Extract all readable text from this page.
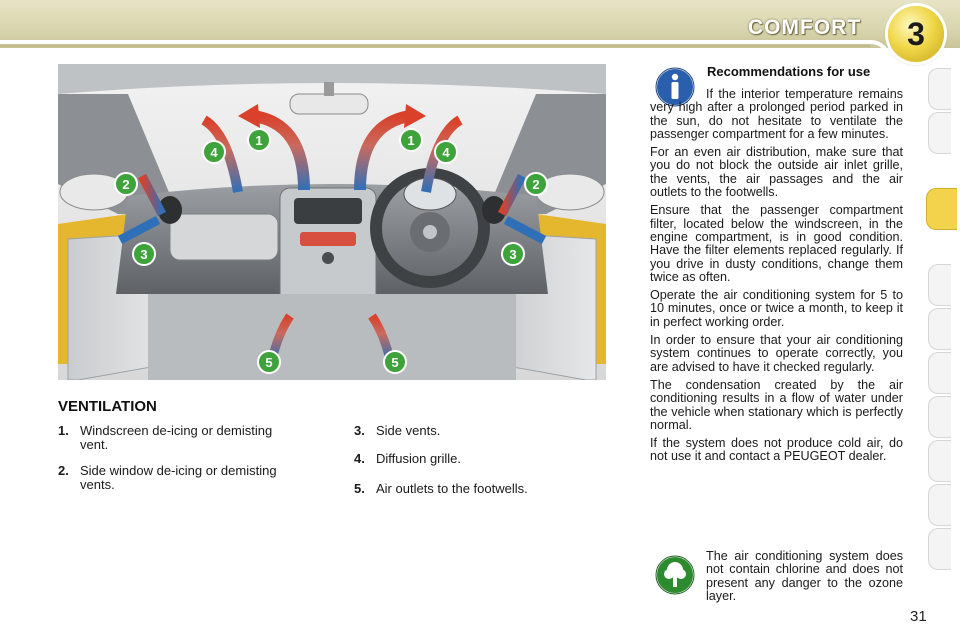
COMFORT	3
1	1
2	2
3	3
4	4
5	5
VENTILATION
1. Windscreen de-icing or demisting vent.
2. Side window de-icing or demisting vents.
3. Side vents.
4. Diffusion grille.
5. Air outlets to the footwells.
Recommendations for use

If the interior temperature remains very high after a prolonged period parked in the sun, do not hesitate to ventilate the passenger compartment for a few minutes.

For an even air distribution, make sure that you do not block the outside air inlet grille, the vents, the air passages and the air outlets to the footwells.

Ensure that the passenger compartment filter, located below the windscreen, in the engine compartment, is in good condition. Have the filter elements replaced regularly. If you drive in dusty conditions, change them twice as often.

Operate the air conditioning system for 5 to 10 minutes, once or twice a month, to keep it in perfect working order.

In order to ensure that your air conditioning system continues to operate correctly, you are advised to have it checked regularly.

The condensation created by the air conditioning results in a flow of water under the vehicle when stationary which is perfectly normal.

If the system does not produce cold air, do not use it and contact a PEUGEOT dealer.

The air conditioning system does not contain chlorine and does not present any danger to the ozone layer.
31
